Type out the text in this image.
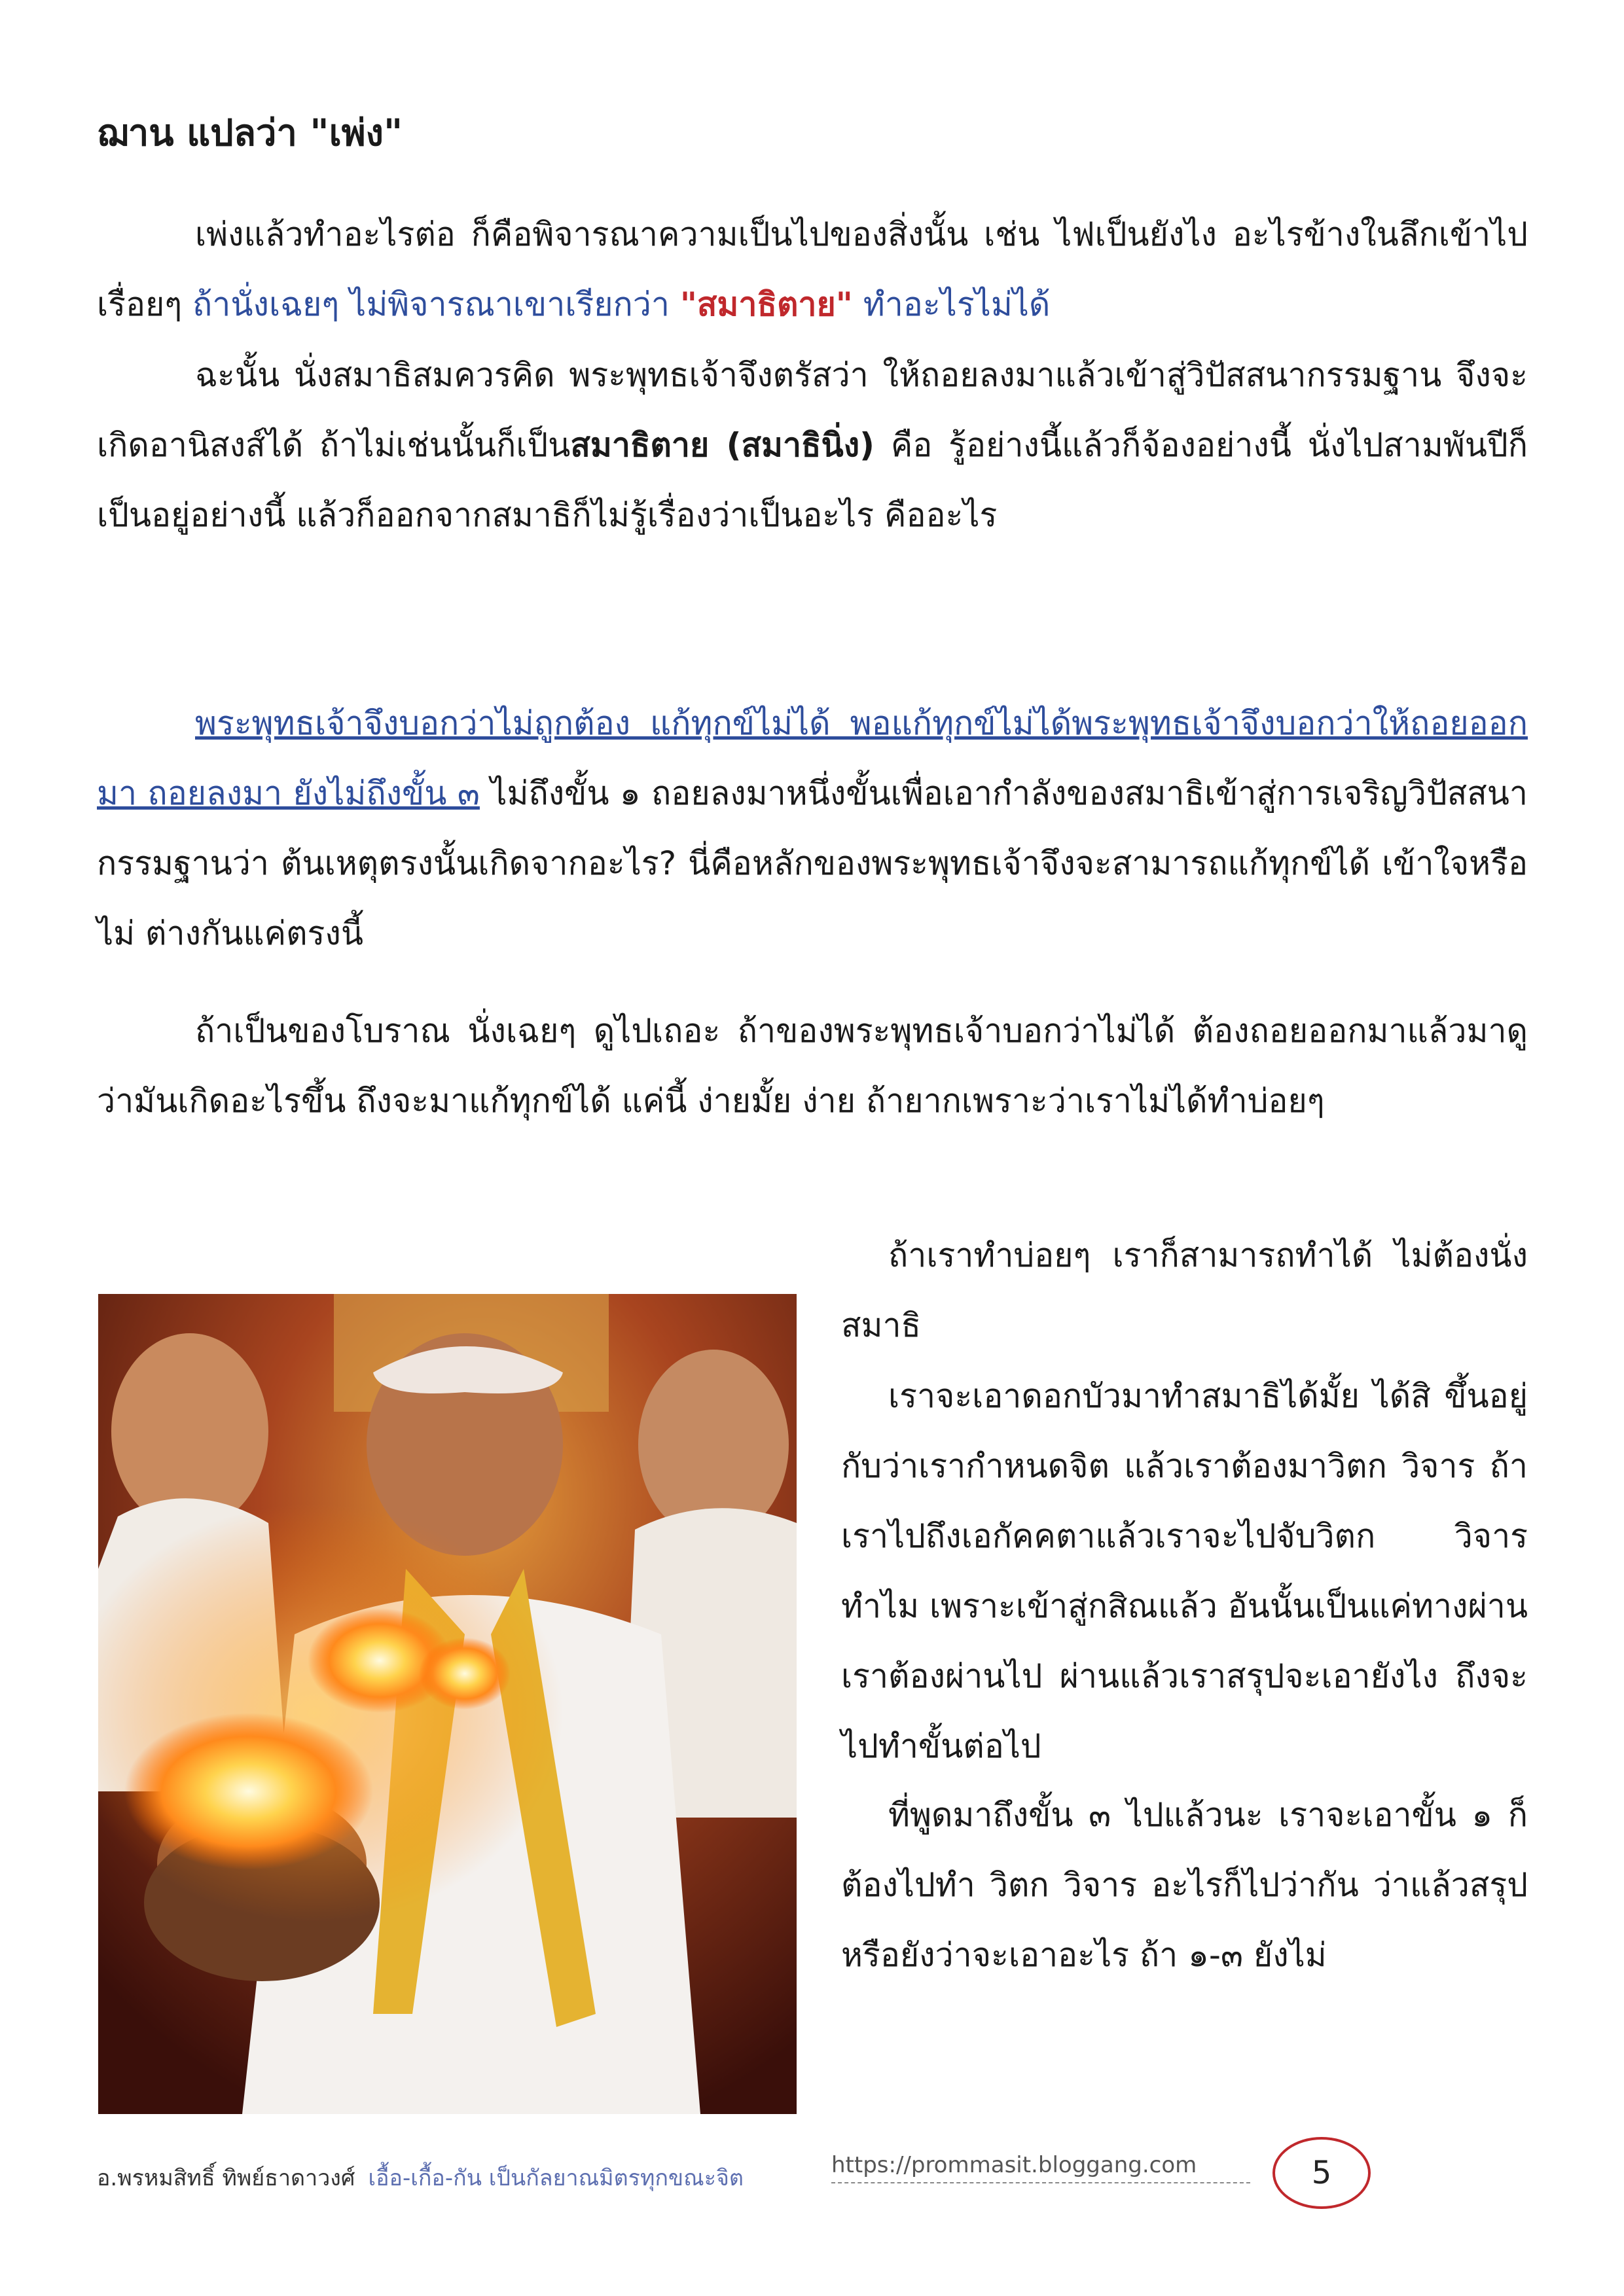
ฌาน แปลว่า "เพ่ง"

เพ่งแล้วทำอะไรต่อ ก็คือพิจารณาความเป็นไปของสิ่งนั้น เช่น ไฟเป็นยังไง อะไรข้างในลึกเข้าไปเรื่อยๆ ถ้านั่งเฉยๆ ไม่พิจารณาเขาเรียกว่า "สมาธิตาย" ทำอะไรไม่ได้

ฉะนั้น นั่งสมาธิสมควรคิด พระพุทธเจ้าจึงตรัสว่า ให้ถอยลงมาแล้วเข้าสู่วิปัสสนากรรมฐาน จึงจะเกิดอานิสงส์ได้ ถ้าไม่เช่นนั้นก็เป็นสมาธิตาย (สมาธินิ่ง) คือ รู้อย่างนี้แล้วก็จ้องอย่างนี้ นั่งไปสามพันปีก็เป็นอยู่อย่างนี้ แล้วก็ออกจากสมาธิก็ไม่รู้เรื่องว่าเป็นอะไร คืออะไร

พระพุทธเจ้าจึงบอกว่าไม่ถูกต้อง แก้ทุกข์ไม่ได้ พอแก้ทุกข์ไม่ได้พระพุทธเจ้าจึงบอกว่าให้ถอยออกมา ถอยลงมา ยังไม่ถึงขั้น ๓ ไม่ถึงขั้น ๑ ถอยลงมาหนึ่งขั้นเพื่อเอากำลังของสมาธิเข้าสู่การเจริญวิปัสสนากรรมฐานว่า ต้นเหตุตรงนั้นเกิดจากอะไร? นี่คือหลักของพระพุทธเจ้าจึงจะสามารถแก้ทุกข์ได้ เข้าใจหรือไม่ ต่างกันแค่ตรงนี้

ถ้าเป็นของโบราณ นั่งเฉยๆ ดูไปเถอะ ถ้าของพระพุทธเจ้าบอกว่าไม่ได้ ต้องถอยออกมาแล้วมาดูว่ามันเกิดอะไรขึ้น ถึงจะมาแก้ทุกข์ได้ แค่นี้ ง่ายมั้ย ง่าย ถ้ายากเพราะว่าเราไม่ได้ทำบ่อยๆ

ถ้าเราทำบ่อยๆ เราก็สามารถทำได้ ไม่ต้องนั่งสมาธิ

เราจะเอาดอกบัวมาทำสมาธิได้มั้ย ได้สิ ขึ้นอยู่กับว่าเรากำหนดจิต แล้วเราต้องมาวิตก วิจาร ถ้าเราไปถึงเอกัคคตาแล้วเราจะไปจับวิตก วิจารทำไม เพราะเข้าสู่กสิณแล้ว อันนั้นเป็นแค่ทางผ่าน เราต้องผ่านไป ผ่านแล้วเราสรุปจะเอายังไง ถึงจะไปทำขั้นต่อไป

ที่พูดมาถึงขั้น ๓ ไปแล้วนะ เราจะเอาขั้น ๑ ก็ต้องไปทำ วิตก วิจาร อะไรก็ไปว่ากัน ว่าแล้วสรุปหรือยังว่าจะเอาอะไร ถ้า ๑-๓ ยังไม่

อ.พรหมสิทธิ์ ทิพย์ธาดาวงศ์ เอื้อ-เกื้อ-กัน เป็นกัลยาณมิตรทุกขณะจิต	https://prommasit.bloggang.com	5
